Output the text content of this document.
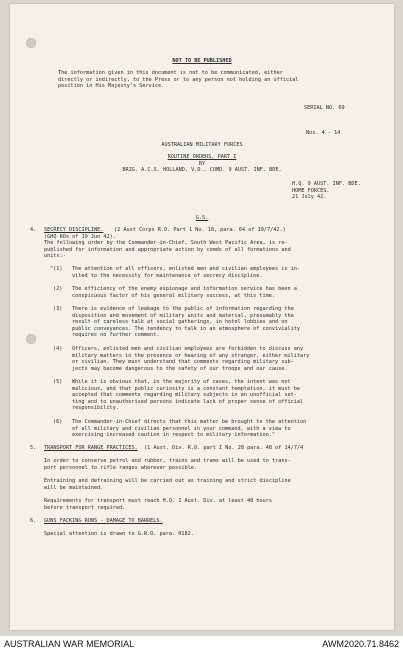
NOT TO BE PUBLISHED
The information given in this document is not to be communicated, either
directly or indirectly, to the Press or to any person not holding an official
position in His Majesty's Service.
SERIAL NO. 69
Nos. 4 - 14
AUSTRALIAN MILITARY FORCES
ROUTINE ORDERS, PART I
BY
BRIG. A.C.S. HOLLAND, V.D., COMD. 9 AUST. INF. BDE.
H.Q. 9 AUST. INF. BDE.
HOME FORCES.
21 July 42.
G.S.
4. SECRECY DISCIPLINE. (2 Aust Corps R.O. Part 1 No. 10, para. 64 of 10/7/42.)
(GHQ ROs of 19 Jun 42).
The following order by the Commander-in-Chief, South West Pacific Area, is re-
published for information and appropriate action by comds of all formations and
units:-
"(1) The attention of all officers, enlisted men and civilian employees is in-
vited to the necessity for maintenance of secrecy discipline.
(2) The efficiency of the enemy espionage and information service has been a
conspicuous factor of his general military success, at this time.
(3) There is evidence of leakage to the public of information regarding the
disposition and movement of military units and material, presumably the
result of careless talk at social gatherings, in hotel lobbies and on
public conveyances. The tendency to talk in an atmosphere of conviviality
requires no further comment.
(4) Officers, enlisted men and civilian employees are forbidden to discuss any
military matters in the presence or hearing of any stranger, either military
or civilian. They must understand that comments regarding military sub-
jects may become dangerous to the safety of our troops and our cause.
(5) While it is obvious that, in the majority of cases, the intent was not
malicious, and that public curiosity is a constant temptation, it must be
accepted that comments regarding military subjects in an unofficial set-
ting and to unauthorised persons indicate lack of proper sense of official
responsibility.
(6) The Commander-in-Chief directs that this matter be brought to the attention
of all military and civilian personnel in your command, with a view to
exercising increased caution in respect to military information."
5. TRANSPORT FOR RANGE PRACTICES. (1 Aust. Div. R.O. part I No. 28 para. 48 of 14/7/4
In order to conserve petrol and rubber, trains and trams will be used to trans-
port personnel to rifle ranges wherever possible.
Entraining and detraining will be carried out as training and strict discipline
will be maintained.
Requirements for transport must reach H.Q. 1 Aust. Div. at least 48 hours
before transport required.
6. GUNS FACKING RUNS - DAMAGE TO BARRELS.
Special attention is drawn to G.R.O. para. 0182.
AUSTRALIAN WAR MEMORIAL	AWM2020.71.8462
